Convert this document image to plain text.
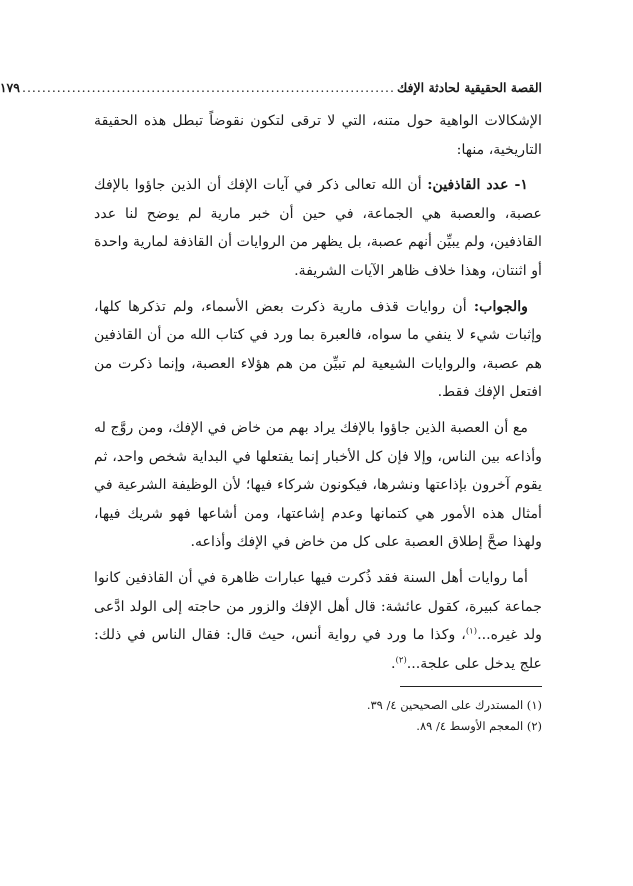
القصة الحقيقية لحادثة الإفك
...........................................................................
١٧٩

الإشكالات الواهية حول متنه، التي لا ترقى لتكون نقوضاً تبطل هذه الحقيقة التاريخية، منها:

١- عدد القاذفين: أن الله تعالى ذكر في آيات الإفك أن الذين جاؤوا بالإفك عصبة، والعصبة هي الجماعة، في حين أن خبر مارية لم يوضح لنا عدد القاذفين، ولم يبيِّن أنهم عصبة، بل يظهر من الروايات أن القاذفة لمارية واحدة أو اثنتان، وهذا خلاف ظاهر الآيات الشريفة.

والجواب: أن روايات قذف مارية ذكرت بعض الأسماء، ولم تذكرها كلها، وإثبات شيء لا ينفي ما سواه، فالعبرة بما ورد في كتاب الله من أن القاذفين هم عصبة، والروايات الشيعية لم تبيِّن من هم هؤلاء العصبة، وإنما ذكرت من افتعل الإفك فقط.

مع أن العصبة الذين جاؤوا بالإفك يراد بهم من خاض في الإفك، ومن روَّج له وأذاعه بين الناس، وإلا فإن كل الأخبار إنما يفتعلها في البداية شخص واحد، ثم يقوم آخرون بإذاعتها ونشرها، فيكونون شركاء فيها؛ لأن الوظيفة الشرعية في أمثال هذه الأمور هي كتمانها وعدم إشاعتها، ومن أشاعها فهو شريك فيها، ولهذا صحَّ إطلاق العصبة على كل من خاض في الإفك وأذاعه.

أما روايات أهل السنة فقد ذُكرت فيها عبارات ظاهرة في أن القاذفين كانوا جماعة كبيرة، كقول عائشة: قال أهل الإفك والزور من حاجته إلى الولد ادَّعى ولد غيره...$^{(١)}$، وكذا ما ورد في رواية أنس، حيث قال: فقال الناس في ذلك: علج يدخل على علجة...$^{(٢)}$.

(١) المستدرك على الصحيحين ٤/ ٣٩.

(٢) المعجم الأوسط ٤/ ٨٩.
